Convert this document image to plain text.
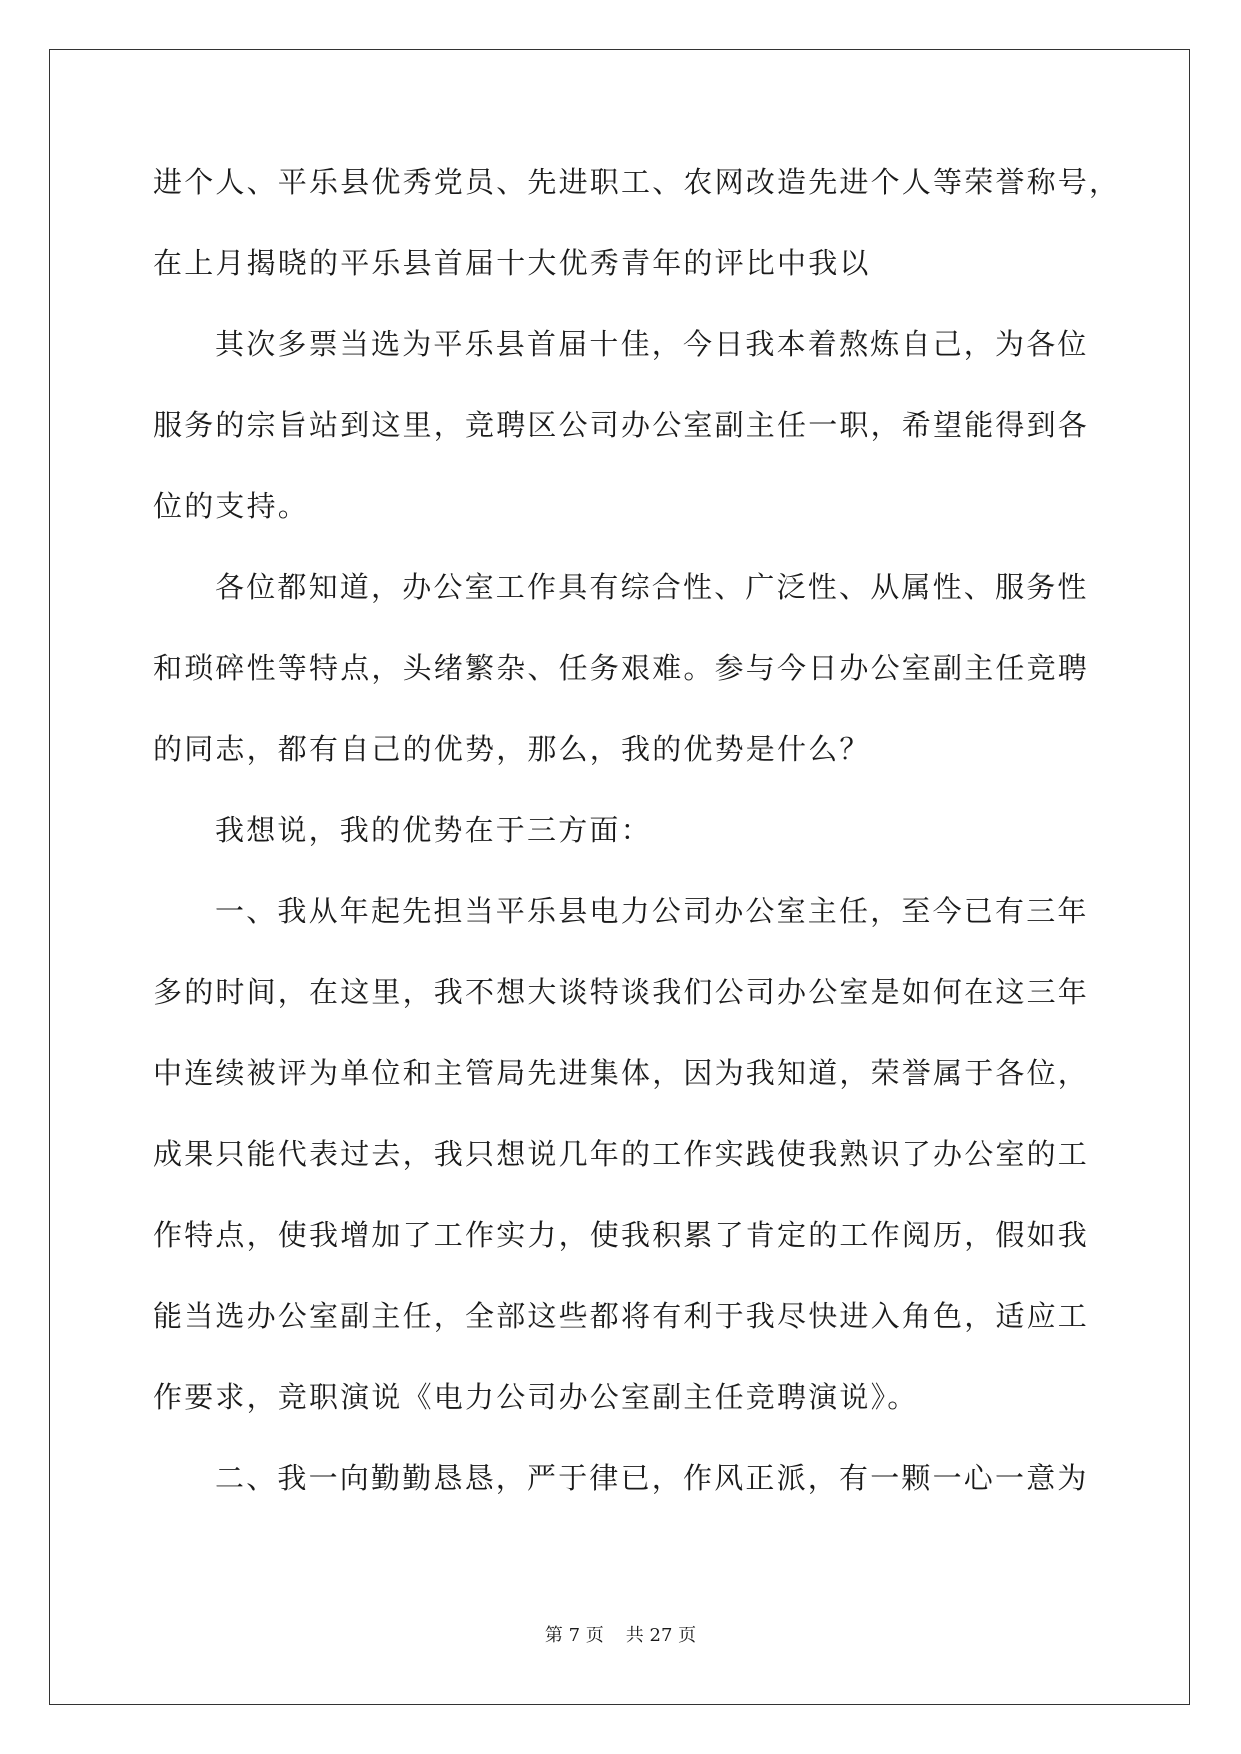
进个人、平乐县优秀党员、先进职工、农网改造先进个人等荣誉称号，
在上月揭晓的平乐县首届十大优秀青年的评比中我以
其次多票当选为平乐县首届十佳，今日我本着熬炼自己，为各位
服务的宗旨站到这里，竞聘区公司办公室副主任一职，希望能得到各
位的支持。
各位都知道，办公室工作具有综合性、广泛性、从属性、服务性
和琐碎性等特点，头绪繁杂、任务艰难。参与今日办公室副主任竞聘
的同志，都有自己的优势，那么，我的优势是什么？
我想说，我的优势在于三方面：
一、我从年起先担当平乐县电力公司办公室主任，至今已有三年
多的时间，在这里，我不想大谈特谈我们公司办公室是如何在这三年
中连续被评为单位和主管局先进集体，因为我知道，荣誉属于各位，
成果只能代表过去，我只想说几年的工作实践使我熟识了办公室的工
作特点，使我增加了工作实力，使我积累了肯定的工作阅历，假如我
能当选办公室副主任，全部这些都将有利于我尽快进入角色，适应工
作要求，竞职演说《电力公司办公室副主任竞聘演说》。
二、我一向勤勤恳恳，严于律已，作风正派，有一颗一心一意为
第 7 页 共 27 页
